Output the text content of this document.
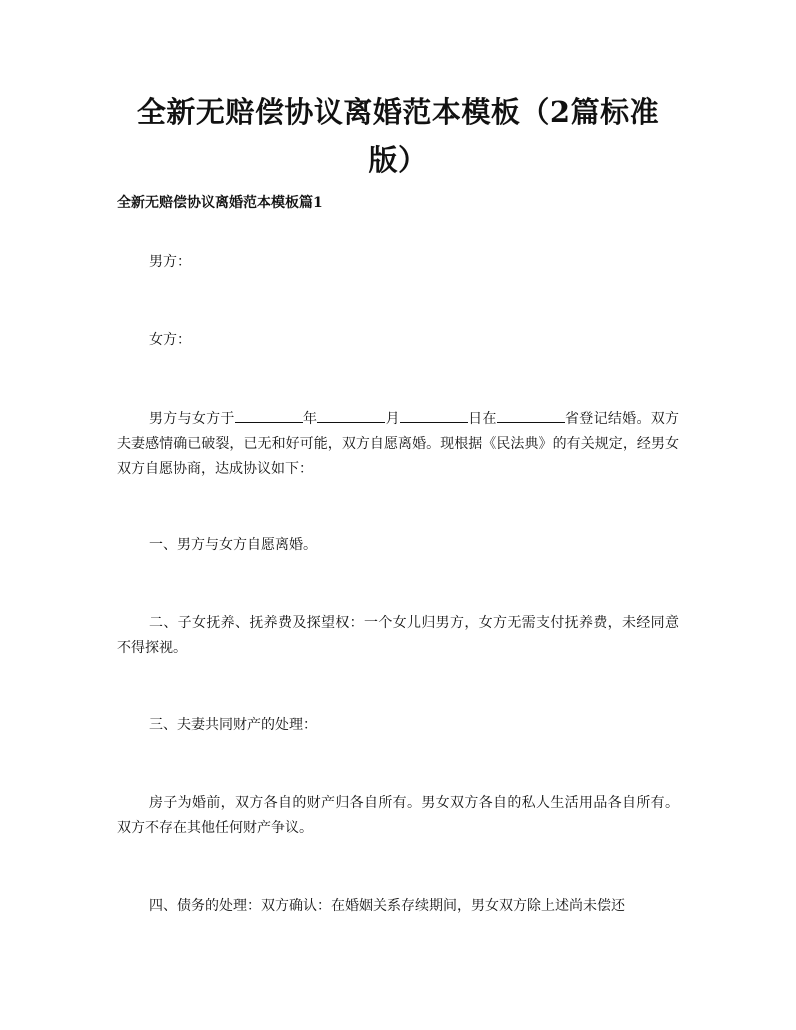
全新无赔偿协议离婚范本模板（2篇标准版）
全新无赔偿协议离婚范本模板篇1
男方：
女方：
男方与女方于	年	月	日在	省登记结婚。双方夫妻感情确已破裂，已无和好可能，双方自愿离婚。现根据《民法典》的有关规定，经男女双方自愿协商，达成协议如下：
一、男方与女方自愿离婚。
二、子女抚养、抚养费及探望权：一个女儿归男方，女方无需支付抚养费，未经同意不得探视。
三、夫妻共同财产的处理：
房子为婚前，双方各自的财产归各自所有。男女双方各自的私人生活用品各自所有。双方不存在其他任何财产争议。
四、债务的处理：双方确认：在婚姻关系存续期间，男女双方除上述尚未偿还
